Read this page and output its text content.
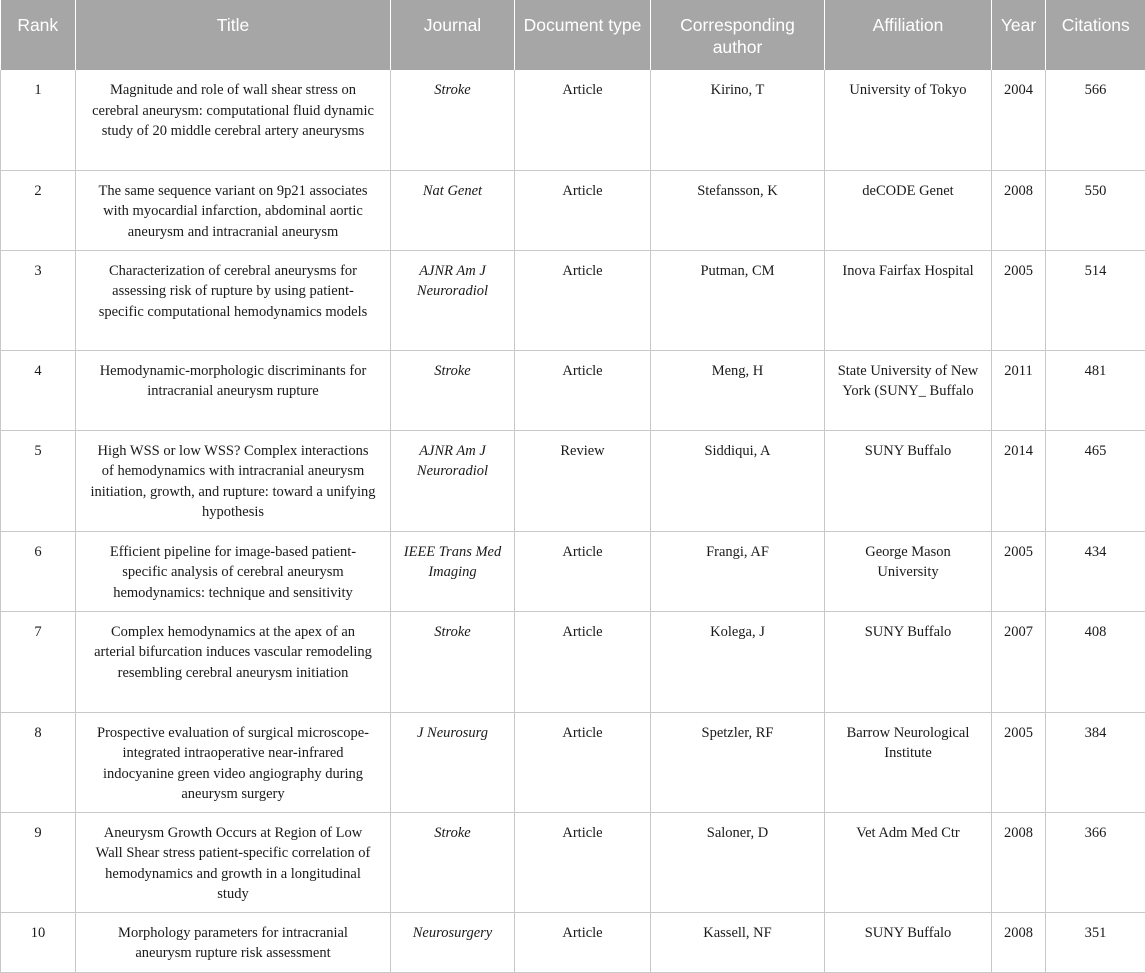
Rank	Title	Journal	Document type	Corresponding author	Affiliation	Year	Citations
1	Magnitude and role of wall shear stress on cerebral aneurysm: computational fluid dynamic study of 20 middle cerebral artery aneurysms	Stroke	Article	Kirino, T	University of Tokyo	2004	566
2	The same sequence variant on 9p21 associates with myocardial infarction, abdominal aortic aneurysm and intracranial aneurysm	Nat Genet	Article	Stefansson, K	deCODE Genet	2008	550
3	Characterization of cerebral aneurysms for assessing risk of rupture by using patient-specific computational hemodynamics models	AJNR Am J Neuroradiol	Article	Putman, CM	Inova Fairfax Hospital	2005	514
4	Hemodynamic-morphologic discriminants for intracranial aneurysm rupture	Stroke	Article	Meng, H	State University of New York (SUNY_ Buffalo	2011	481
5	High WSS or low WSS? Complex interactions of hemodynamics with intracranial aneurysm initiation, growth, and rupture: toward a unifying hypothesis	AJNR Am J Neuroradiol	Review	Siddiqui, A	SUNY Buffalo	2014	465
6	Efficient pipeline for image-based patient-specific analysis of cerebral aneurysm hemodynamics: technique and sensitivity	IEEE Trans Med Imaging	Article	Frangi, AF	George Mason University	2005	434
7	Complex hemodynamics at the apex of an arterial bifurcation induces vascular remodeling resembling cerebral aneurysm initiation	Stroke	Article	Kolega, J	SUNY Buffalo	2007	408
8	Prospective evaluation of surgical microscope-integrated intraoperative near-infrared indocyanine green video angiography during aneurysm surgery	J Neurosurg	Article	Spetzler, RF	Barrow Neurological Institute	2005	384
9	Aneurysm Growth Occurs at Region of Low Wall Shear stress patient-specific correlation of hemodynamics and growth in a longitudinal study	Stroke	Article	Saloner, D	Vet Adm Med Ctr	2008	366
10	Morphology parameters for intracranial aneurysm rupture risk assessment	Neurosurgery	Article	Kassell, NF	SUNY Buffalo	2008	351
